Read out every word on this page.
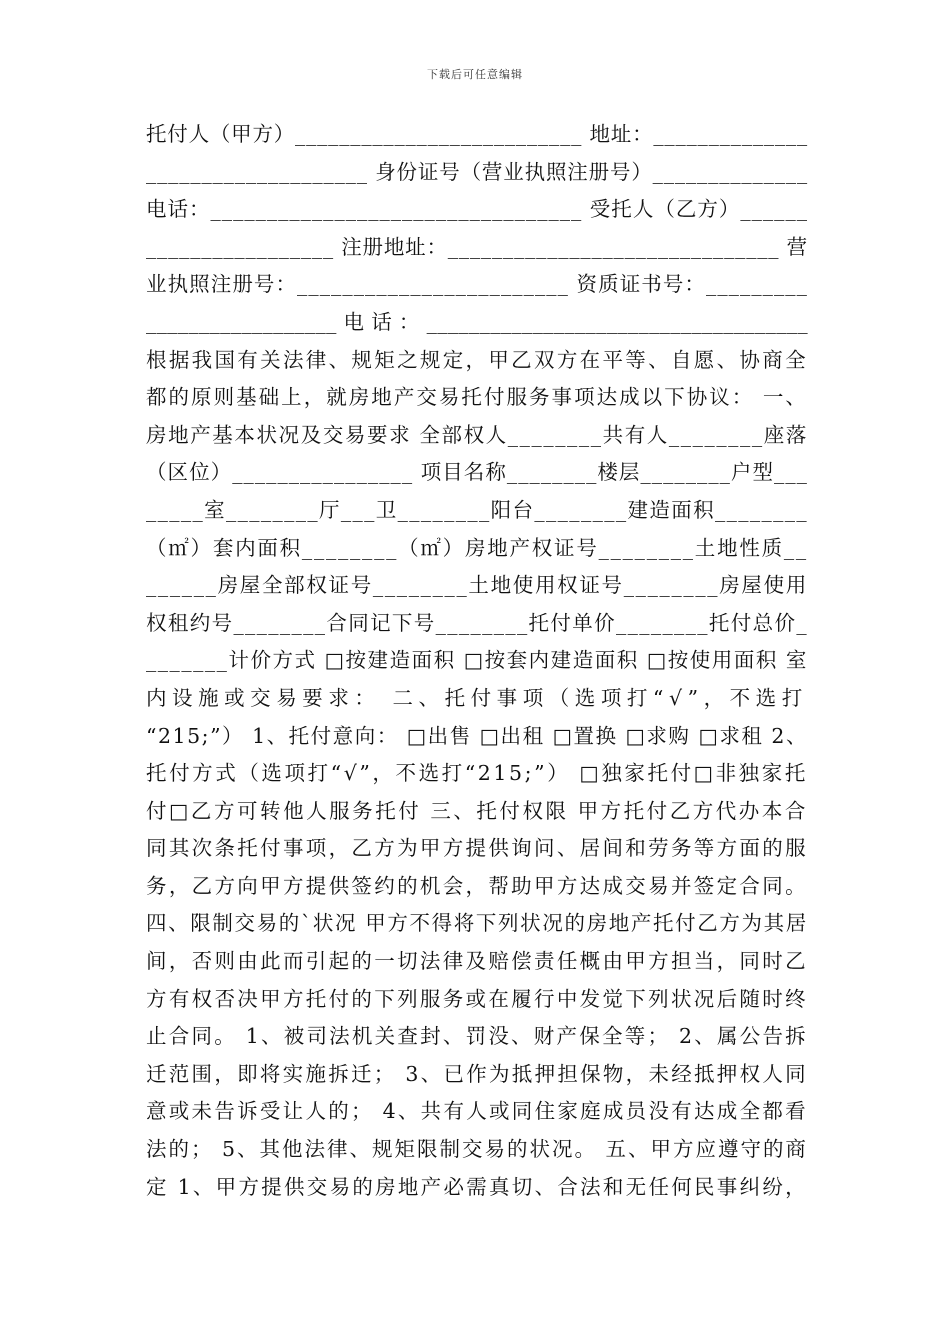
下载后可任意编辑
托付人（甲方）__________________________ 地址：______________
____________________ 身份证号（营业执照注册号）______________
电话：_________________________________ 受托人（乙方）______
_________________ 注册地址：______________________________ 营
业执照注册号：________________________ 资质证书号：_________
__________________ 电 话 ： ____________________________________
根据我国有关法律、规矩之规定，甲乙双方在平等、自愿、协商全
都的原则基础上，就房地产交易托付服务事项达成以下协议： 一、
房地产基本状况及交易要求 全部权人________共有人________座落
（区位）________________ 项目名称________楼层________户型___
_____室________厅___卫________阳台________建造面积________
（㎡）套内面积________（㎡）房地产权证号________土地性质__
______房屋全部权证号________土地使用权证号________房屋使用
权租约号________合同记下号________托付单价________托付总价_
_______计价方式 □按建造面积 □按套内建造面积 □按使用面积 室
内设施或交易要求： 二、托付事项（选项打“√”，不选打
“215;”） 1、托付意向： □出售 □出租 □置换 □求购 □求租 2、
托付方式（选项打“√”，不选打“215;”） □独家托付□非独家托
付□乙方可转他人服务托付 三、托付权限 甲方托付乙方代办本合
同其次条托付事项，乙方为甲方提供询问、居间和劳务等方面的服
务，乙方向甲方提供签约的机会，帮助甲方达成交易并签定合同。
四、限制交易的`状况 甲方不得将下列状况的房地产托付乙方为其居
间，否则由此而引起的一切法律及赔偿责任概由甲方担当，同时乙
方有权否决甲方托付的下列服务或在履行中发觉下列状况后随时终
止合同。 1、被司法机关查封、罚没、财产保全等； 2、属公告拆
迁范围，即将实施拆迁； 3、已作为抵押担保物，未经抵押权人同
意或未告诉受让人的； 4、共有人或同住家庭成员没有达成全都看
法的； 5、其他法律、规矩限制交易的状况。 五、甲方应遵守的商
定 1、甲方提供交易的房地产必需真切、合法和无任何民事纠纷，
